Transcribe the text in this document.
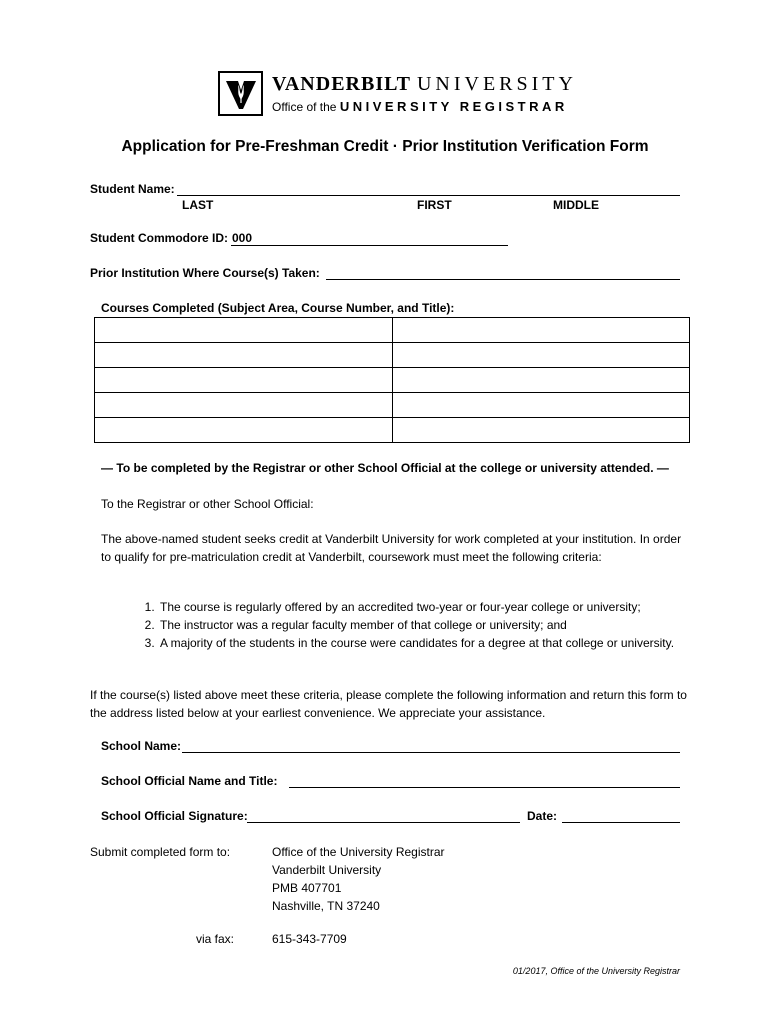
VANDERBILT UNIVERSITY
Office of the UNIVERSITY REGISTRAR
Application for Pre-Freshman Credit · Prior Institution Verification Form
Student Name:
LAST	FIRST	MIDDLE
Student Commodore ID: 000
Prior Institution Where Course(s) Taken:
Courses Completed (Subject Area, Course Number, and Title):

— To be completed by the Registrar or other School Official at the college or university attended. —
To the Registrar or other School Official:
The above-named student seeks credit at Vanderbilt University for work completed at your institution. In order to qualify for pre-matriculation credit at Vanderbilt, coursework must meet the following criteria:
1. The course is regularly offered by an accredited two-year or four-year college or university;
2. The instructor was a regular faculty member of that college or university; and
3. A majority of the students in the course were candidates for a degree at that college or university.
If the course(s) listed above meet these criteria, please complete the following information and return this form to the address listed below at your earliest convenience. We appreciate your assistance.
School Name:
School Official Name and Title:
School Official Signature:	Date:
Submit completed form to:	Office of the University Registrar
Vanderbilt University
PMB 407701
Nashville, TN 37240
via fax:	615-343-7709
01/2017, Office of the University Registrar
